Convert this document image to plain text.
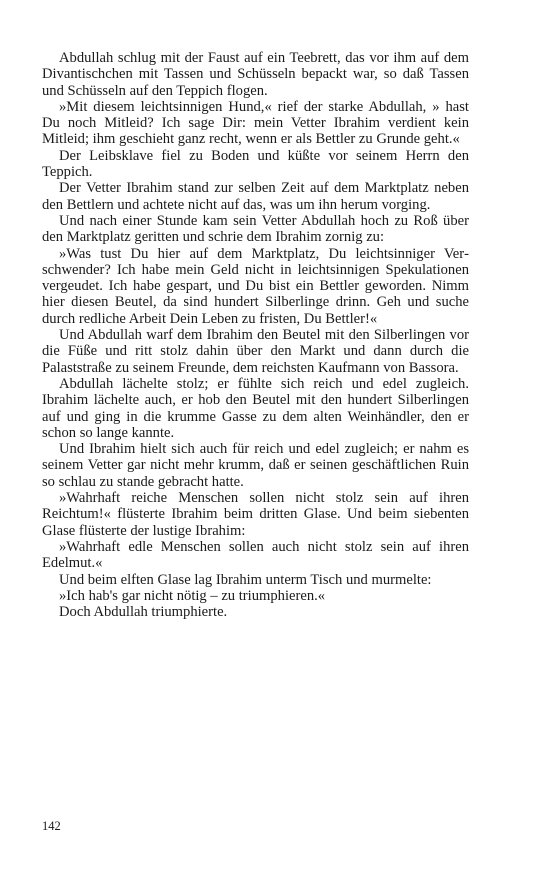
Abdullah schlug mit der Faust auf ein Teebrett, das vor ihm auf dem Divantischchen mit Tassen und Schüsseln bepackt war, so daß Tassen und Schüsseln auf den Teppich flogen.

»Mit diesem leichtsinnigen Hund,« rief der starke Abdullah, » hast Du noch Mitleid? Ich sage Dir: mein Vetter Ibrahim verdient kein Mitleid; ihm geschieht ganz recht, wenn er als Bettler zu Grunde geht.«

Der Leibsklave fiel zu Boden und küßte vor seinem Herrn den Teppich.

Der Vetter Ibrahim stand zur selben Zeit auf dem Marktplatz neben den Bettlern und achtete nicht auf das, was um ihn herum vorging.

Und nach einer Stunde kam sein Vetter Abdullah hoch zu Roß über den Marktplatz geritten und schrie dem Ibrahim zornig zu:

»Was tust Du hier auf dem Marktplatz, Du leichtsinniger Verschwender? Ich habe mein Geld nicht in leichtsinnigen Spekulationen vergeudet. Ich habe gespart, und Du bist ein Bettler geworden. Nimm hier diesen Beutel, da sind hundert Silberlinge drinn. Geh und suche durch redliche Arbeit Dein Leben zu fristen, Du Bettler!«

Und Abdullah warf dem Ibrahim den Beutel mit den Silberlingen vor die Füße und ritt stolz dahin über den Markt und dann durch die Palaststraße zu seinem Freunde, dem reichsten Kaufmann von Bassora.

Abdullah lächelte stolz; er fühlte sich reich und edel zugleich. Ibrahim lächelte auch, er hob den Beutel mit den hundert Silberlingen auf und ging in die krumme Gasse zu dem alten Weinhändler, den er schon so lange kannte.

Und Ibrahim hielt sich auch für reich und edel zugleich; er nahm es seinem Vetter gar nicht mehr krumm, daß er seinen geschäftlichen Ruin so schlau zu stande gebracht hatte.

»Wahrhaft reiche Menschen sollen nicht stolz sein auf ihren Reichtum!« flüsterte Ibrahim beim dritten Glase. Und beim siebenten Glase flüsterte der lustige Ibrahim:

»Wahrhaft edle Menschen sollen auch nicht stolz sein auf ihren Edelmut.«

Und beim elften Glase lag Ibrahim unterm Tisch und murmelte:

»Ich hab's gar nicht nötig – zu triumphieren.«

Doch Abdullah triumphierte.

142
